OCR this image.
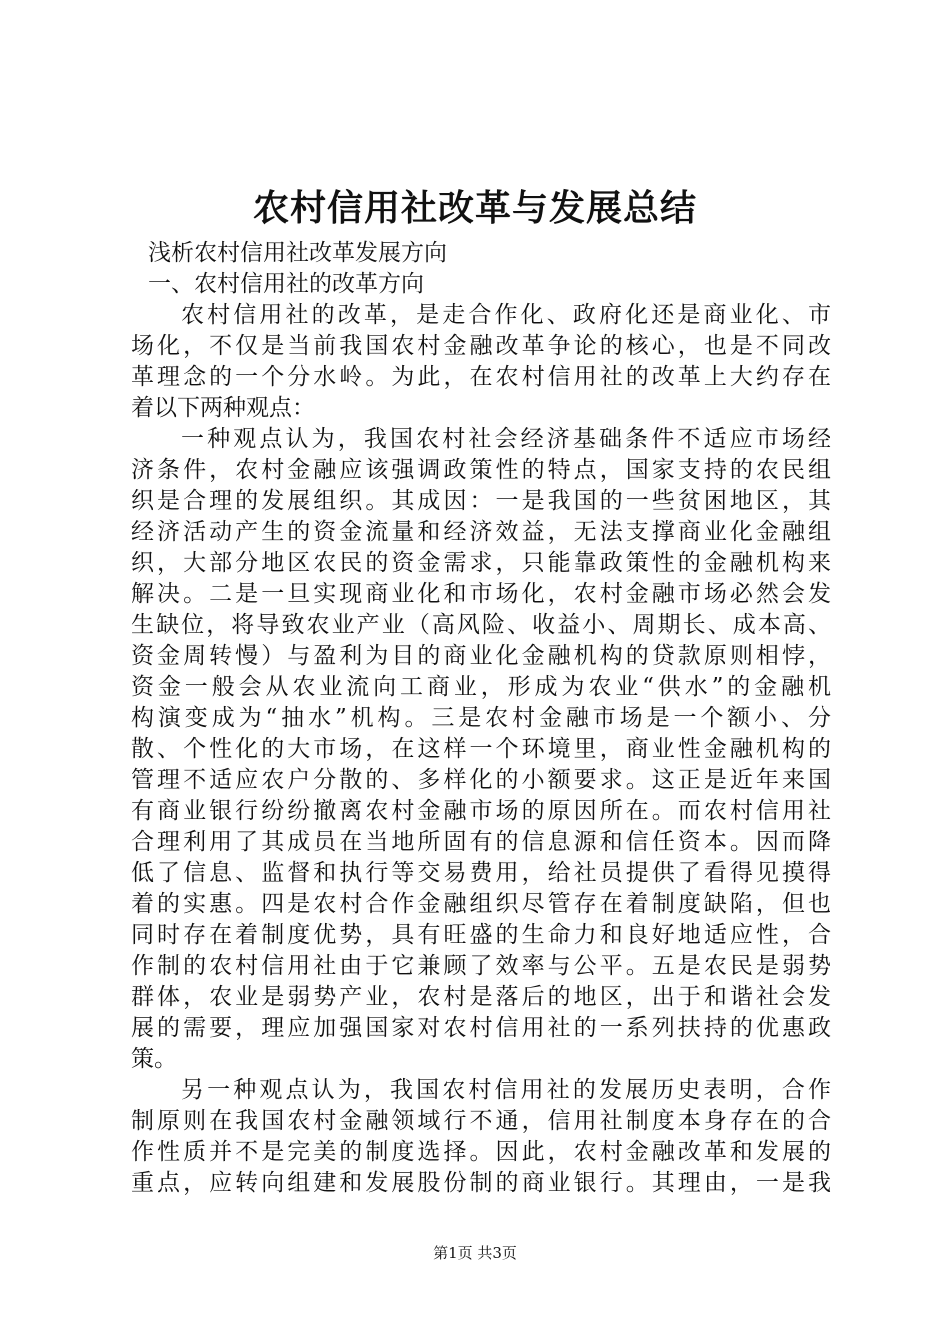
农村信用社改革与发展总结
浅析农村信用社改革发展方向
一、农村信用社的改革方向
农村信用社的改革，是走合作化、政府化还是商业化、市
场化，不仅是当前我国农村金融改革争论的核心，也是不同改
革理念的一个分水岭。为此，在农村信用社的改革上大约存在
着以下两种观点：
一种观点认为，我国农村社会经济基础条件不适应市场经
济条件，农村金融应该强调政策性的特点，国家支持的农民组
织是合理的发展组织。其成因：一是我国的一些贫困地区，其
经济活动产生的资金流量和经济效益，无法支撑商业化金融组
织，大部分地区农民的资金需求，只能靠政策性的金融机构来
解决。二是一旦实现商业化和市场化，农村金融市场必然会发
生缺位，将导致农业产业（高风险、收益小、周期长、成本高、
资金周转慢）与盈利为目的商业化金融机构的贷款原则相悖，
资金一般会从农业流向工商业，形成为农业“供水”的金融机
构演变成为“抽水”机构。三是农村金融市场是一个额小、分
散、个性化的大市场，在这样一个环境里，商业性金融机构的
管理不适应农户分散的、多样化的小额要求。这正是近年来国
有商业银行纷纷撤离农村金融市场的原因所在。而农村信用社
合理利用了其成员在当地所固有的信息源和信任资本。因而降
低了信息、监督和执行等交易费用，给社员提供了看得见摸得
着的实惠。四是农村合作金融组织尽管存在着制度缺陷，但也
同时存在着制度优势，具有旺盛的生命力和良好地适应性，合
作制的农村信用社由于它兼顾了效率与公平。五是农民是弱势
群体，农业是弱势产业，农村是落后的地区，出于和谐社会发
展的需要，理应加强国家对农村信用社的一系列扶持的优惠政
策。
另一种观点认为，我国农村信用社的发展历史表明，合作
制原则在我国农村金融领域行不通，信用社制度本身存在的合
作性质并不是完美的制度选择。因此，农村金融改革和发展的
重点，应转向组建和发展股份制的商业银行。其理由，一是我
第1页 共3页
